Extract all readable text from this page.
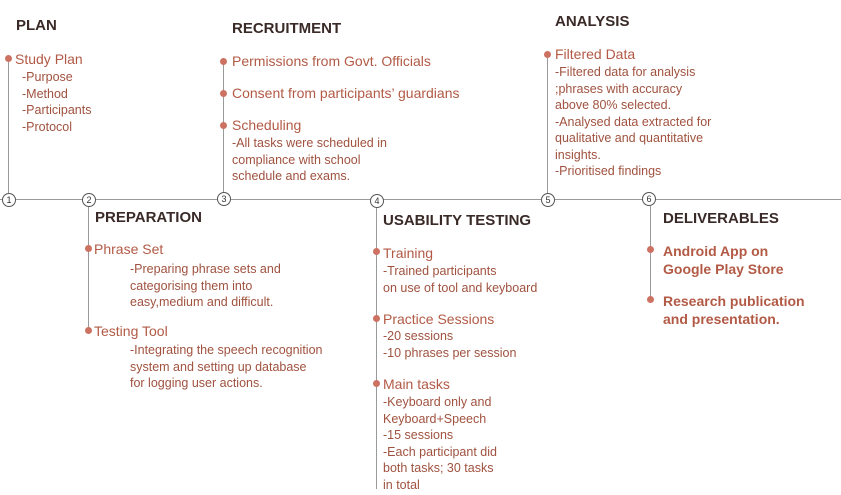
1	2	3	4	5	6
PLAN
Study Plan
-Purpose
-Method
-Participants
-Protocol
PREPARATION
Phrase Set
-Preparing phrase sets and
categorising them into
easy,medium and difficult.
Testing Tool
-Integrating the speech recognition
system and setting up database
for logging user actions.
RECRUITMENT
Permissions from Govt. Officials
Consent from participants’ guardians
Scheduling
-All tasks were scheduled in
compliance with school
schedule and exams.
USABILITY TESTING
Training
-Trained participants
on use of tool and keyboard
Practice Sessions
-20 sessions
-10 phrases per session
Main tasks
-Keyboard only and
Keyboard+Speech
-15 sessions
-Each participant did
both tasks; 30 tasks
in total
ANALYSIS
Filtered Data
-Filtered data for analysis
;phrases with accuracy
above 80% selected.
-Analysed data extracted for
qualitative and quantitative
insights.
-Prioritised findings
DELIVERABLES
Android App on
Google Play Store
Research publication
and presentation.
